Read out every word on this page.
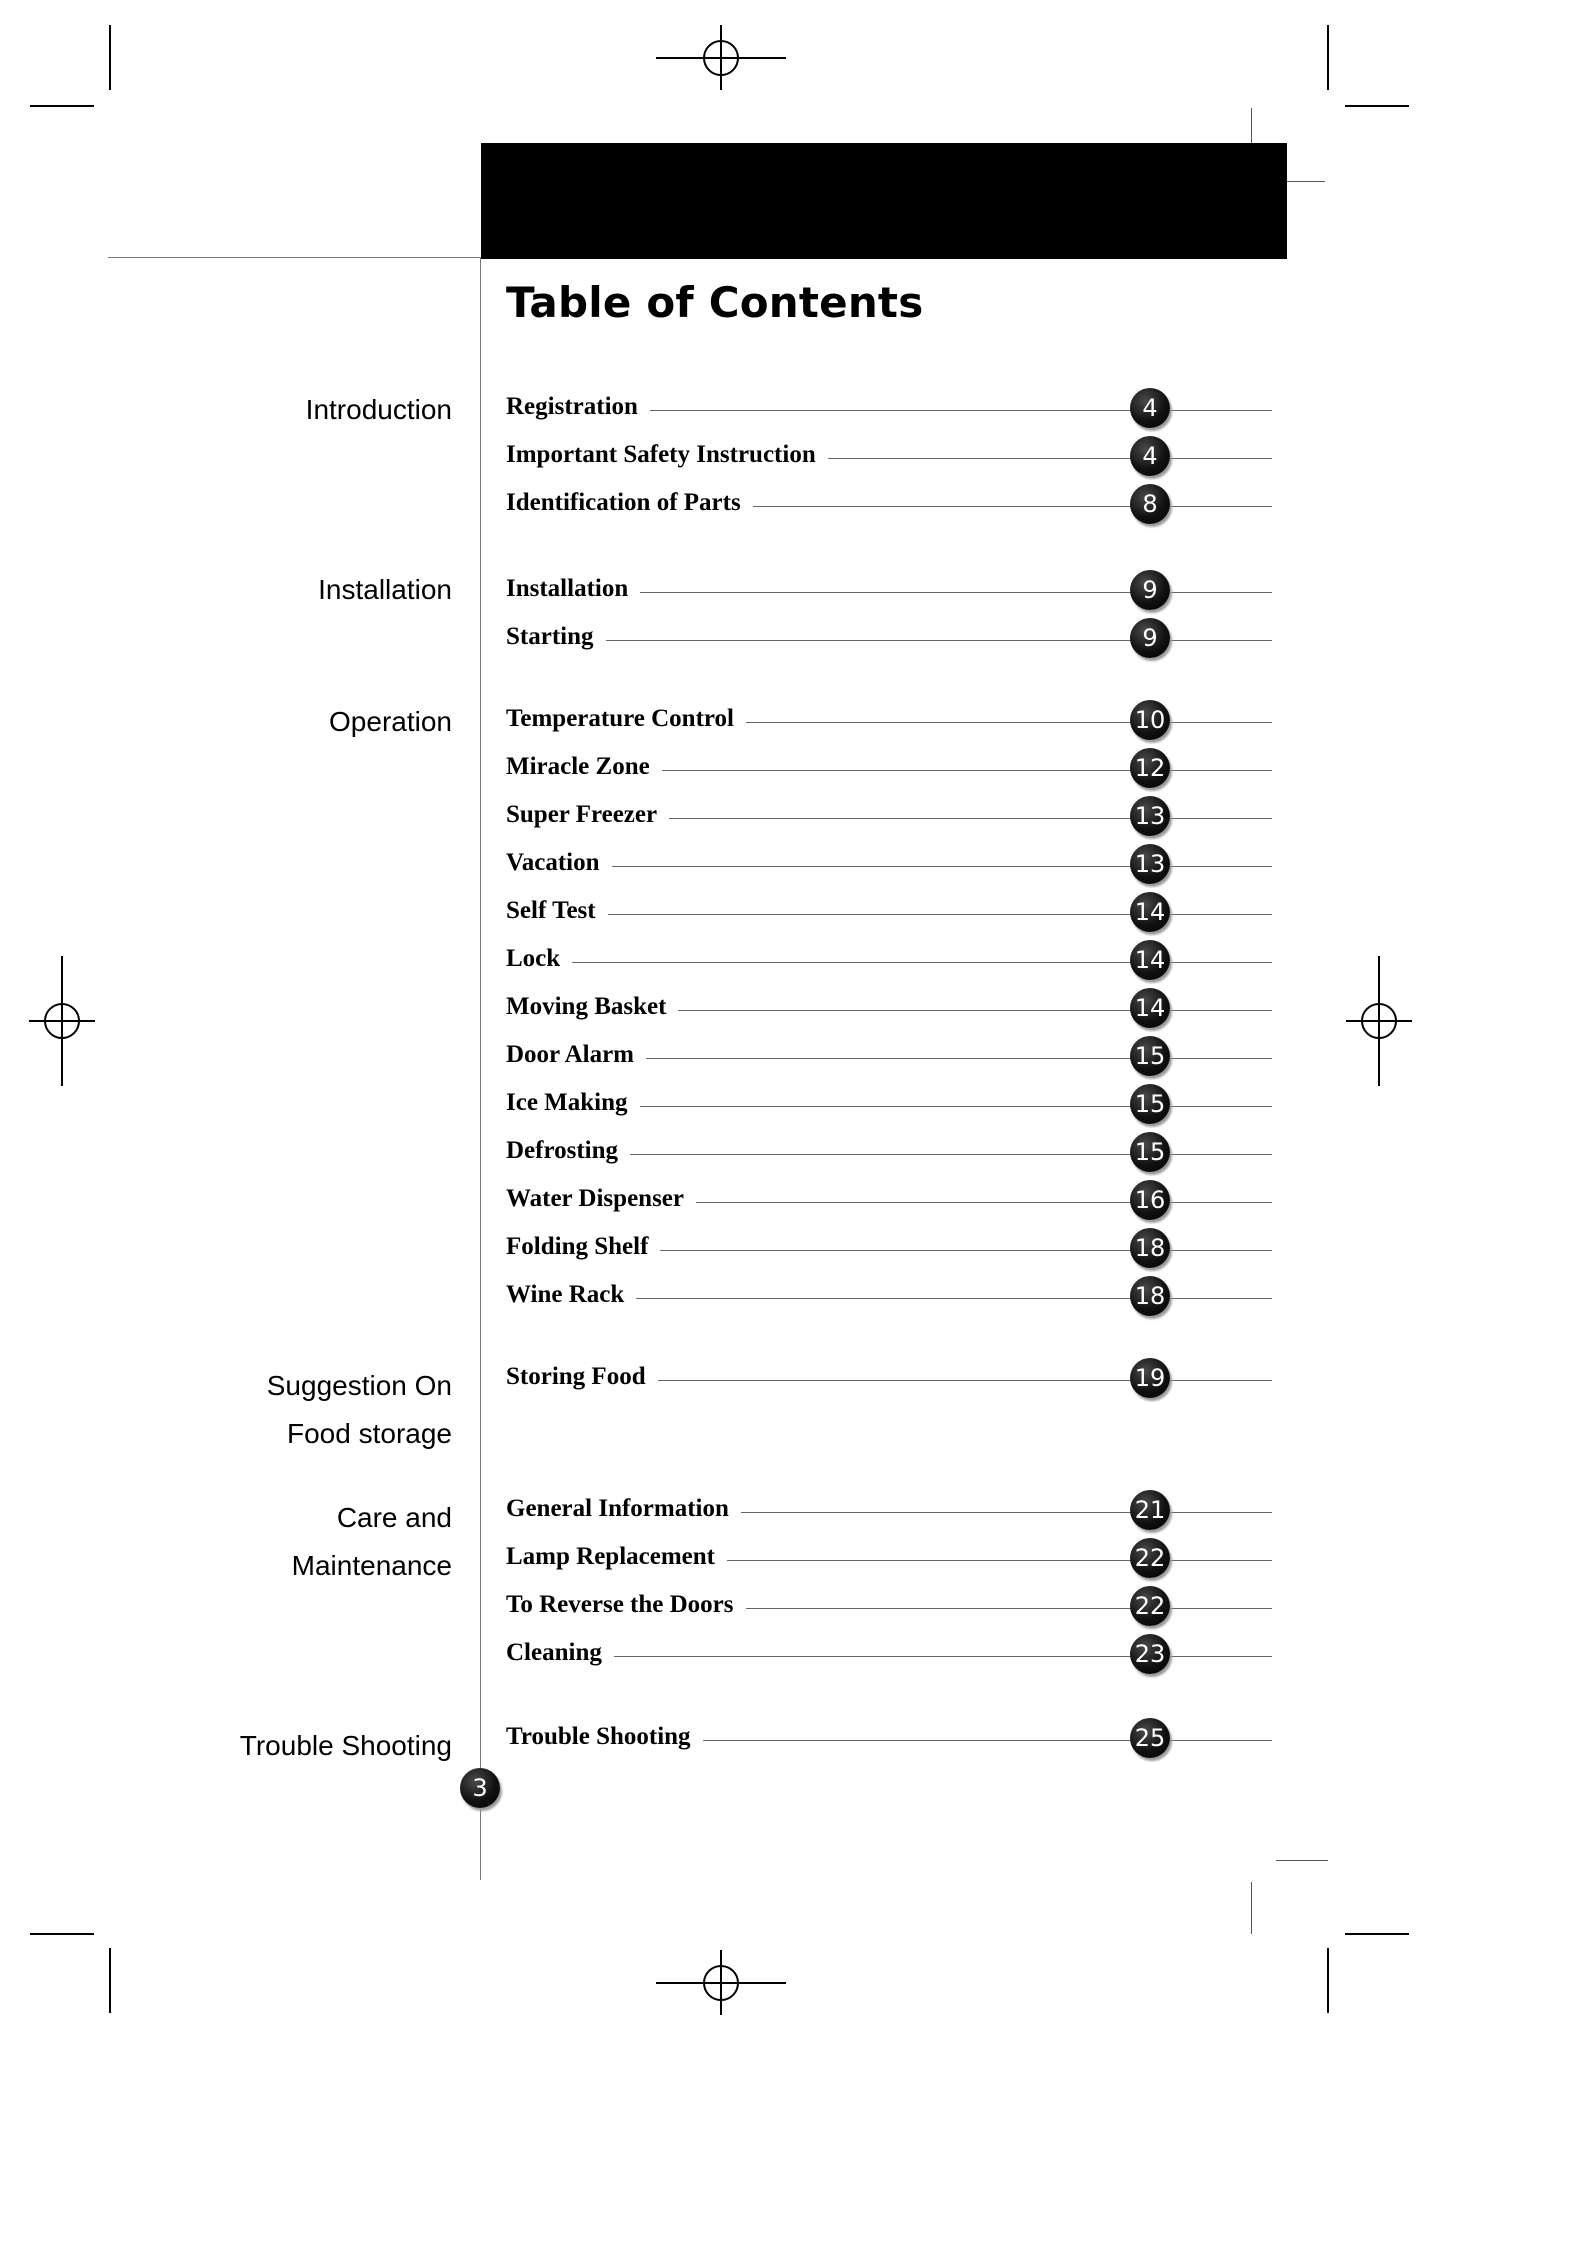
Table of Contents
Introduction
Installation
Operation
Suggestion On
Food storage
Care and
Maintenance
Trouble Shooting
Registration	4
Important Safety Instruction	4
Identification of Parts	8
Installation	9
Starting	9
Temperature Control	10
Miracle Zone	12
Super Freezer	13
Vacation	13
Self Test	14
Lock	14
Moving Basket	14
Door Alarm	15
Ice Making	15
Defrosting	15
Water Dispenser	16
Folding Shelf	18
Wine Rack	18
Storing Food	19
General Information	21
Lamp Replacement	22
To Reverse the Doors	22
Cleaning	23
Trouble Shooting	25
3
